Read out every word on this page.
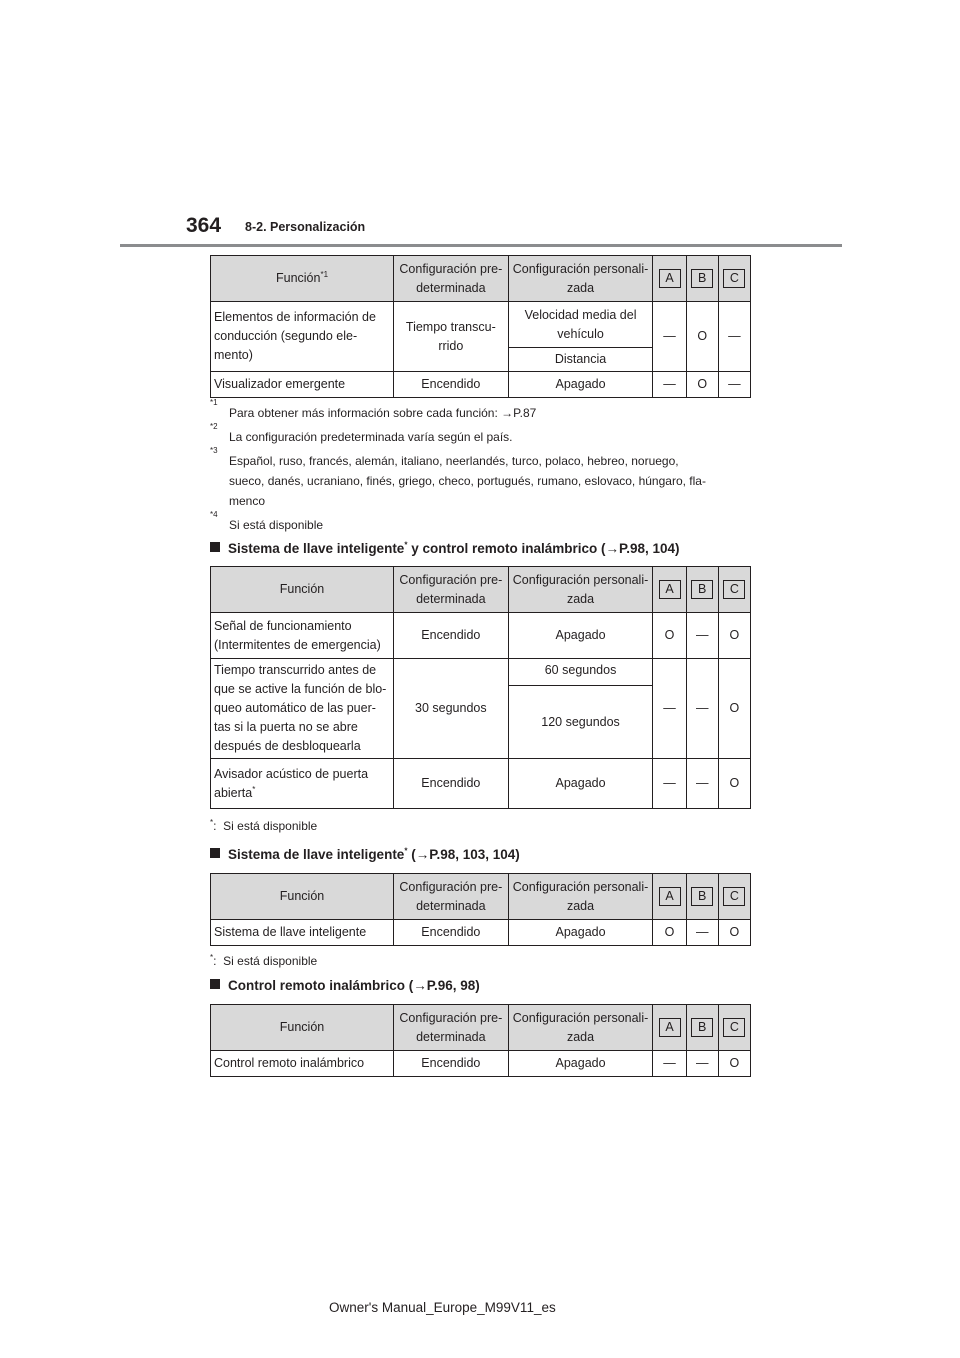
364 8-2. Personalización
Función$^{*1}$	Configuración pre-
determinada	Configuración personali-
zada	A	B	C
Elementos de información de
conducción (segundo ele-
mento)	Tiempo transcu-
rrido	Velocidad media del
vehículo	—	O	—
		Distancia			
Visualizador emergente	Encendido	Apagado	—	O	—
*1
Para obtener más información sobre cada función: →P.87
*2
La configuración predeterminada varía según el país.
*3
Español, ruso, francés, alemán, italiano, neerlandés, turco, polaco, hebreo, noruego,
sueco, danés, ucraniano, finés, griego, checo, portugués, rumano, eslovaco, húngaro, fla-
menco
*4
Si está disponible
Sistema de llave inteligente* y control remoto inalámbrico (→P.98, 104)
Función	Configuración pre-
determinada	Configuración personali-
zada	A	B	C
Señal de funcionamiento
(Intermitentes de emergencia)	Encendido	Apagado	O	—	O
Tiempo transcurrido antes de
que se active la función de blo-
queo automático de las puer-
tas si la puerta no se abre
después de desbloquearla	30 segundos	60 segundos	—	—	O
		120 segundos			
Avisador acústico de puerta
abierta*	Encendido	Apagado	—	—	O
*:  Si está disponible
Sistema de llave inteligente* (→P.98, 103, 104)
Función	Configuración pre-
determinada	Configuración personali-
zada	A	B	C
Sistema de llave inteligente	Encendido	Apagado	O	—	O
*:  Si está disponible
Control remoto inalámbrico (→P.96, 98)
Función	Configuración pre-
determinada	Configuración personali-
zada	A	B	C
Control remoto inalámbrico	Encendido	Apagado	—	—	O
Owner's Manual_Europe_M99V11_es
